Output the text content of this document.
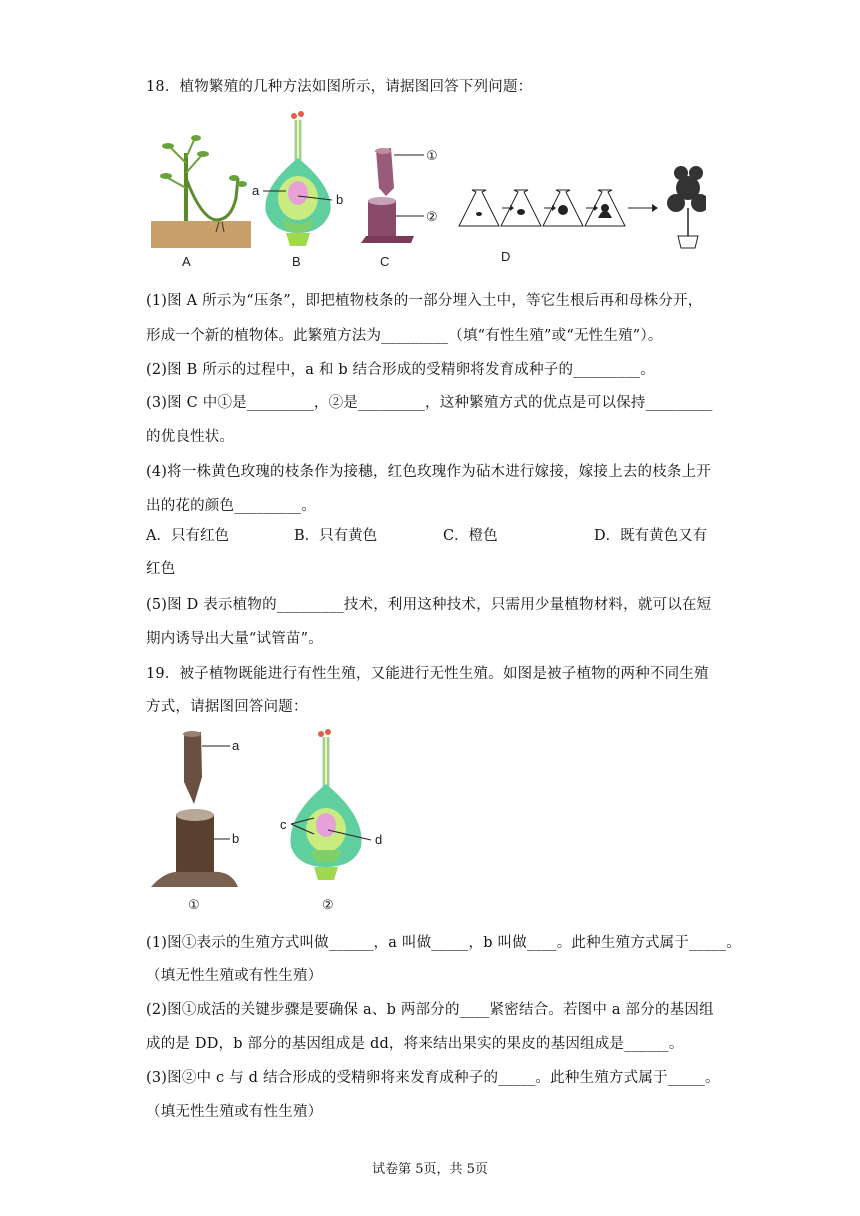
18．植物繁殖的几种方法如图所示，请据图回答下列问题：
A
a
b
B
①
②
C	D
(1)图 A 所示为“压条”，即把植物枝条的一部分埋入土中，等它生根后再和母株分开，
形成一个新的植物体。此繁殖方法为_________（填“有性生殖”或“无性生殖”）。
(2)图 B 所示的过程中，a 和 b 结合形成的受精卵将发育成种子的_________。
(3)图 C 中①是_________，②是_________，这种繁殖方式的优点是可以保持_________
的优良性状。
(4)将一株黄色玫瑰的枝条作为接穗，红色玫瑰作为砧木进行嫁接，嫁接上去的枝条上开
出的花的颜色_________。
A．只有红色	B．只有黄色	C．橙色	D．既有黄色又有
红色
(5)图 D 表示植物的_________技术，利用这种技术，只需用少量植物材料，就可以在短
期内诱导出大量“试管苗”。
19．被子植物既能进行有性生殖，又能进行无性生殖。如图是被子植物的两种不同生殖
方式，请据图回答问题：
a
b
①
c
d
②
(1)图①表示的生殖方式叫做______，a 叫做_____，b 叫做____。此种生殖方式属于_____。
（填无性生殖或有性生殖）
(2)图①成活的关键步骤是要确保 a、b 两部分的____紧密结合。若图中 a 部分的基因组
成的是 DD，b 部分的基因组成是 dd，将来结出果实的果皮的基因组成是______。
(3)图②中 c 与 d 结合形成的受精卵将来发育成种子的_____。此种生殖方式属于_____。
（填无性生殖或有性生殖）
试卷第 5页，共 5页
